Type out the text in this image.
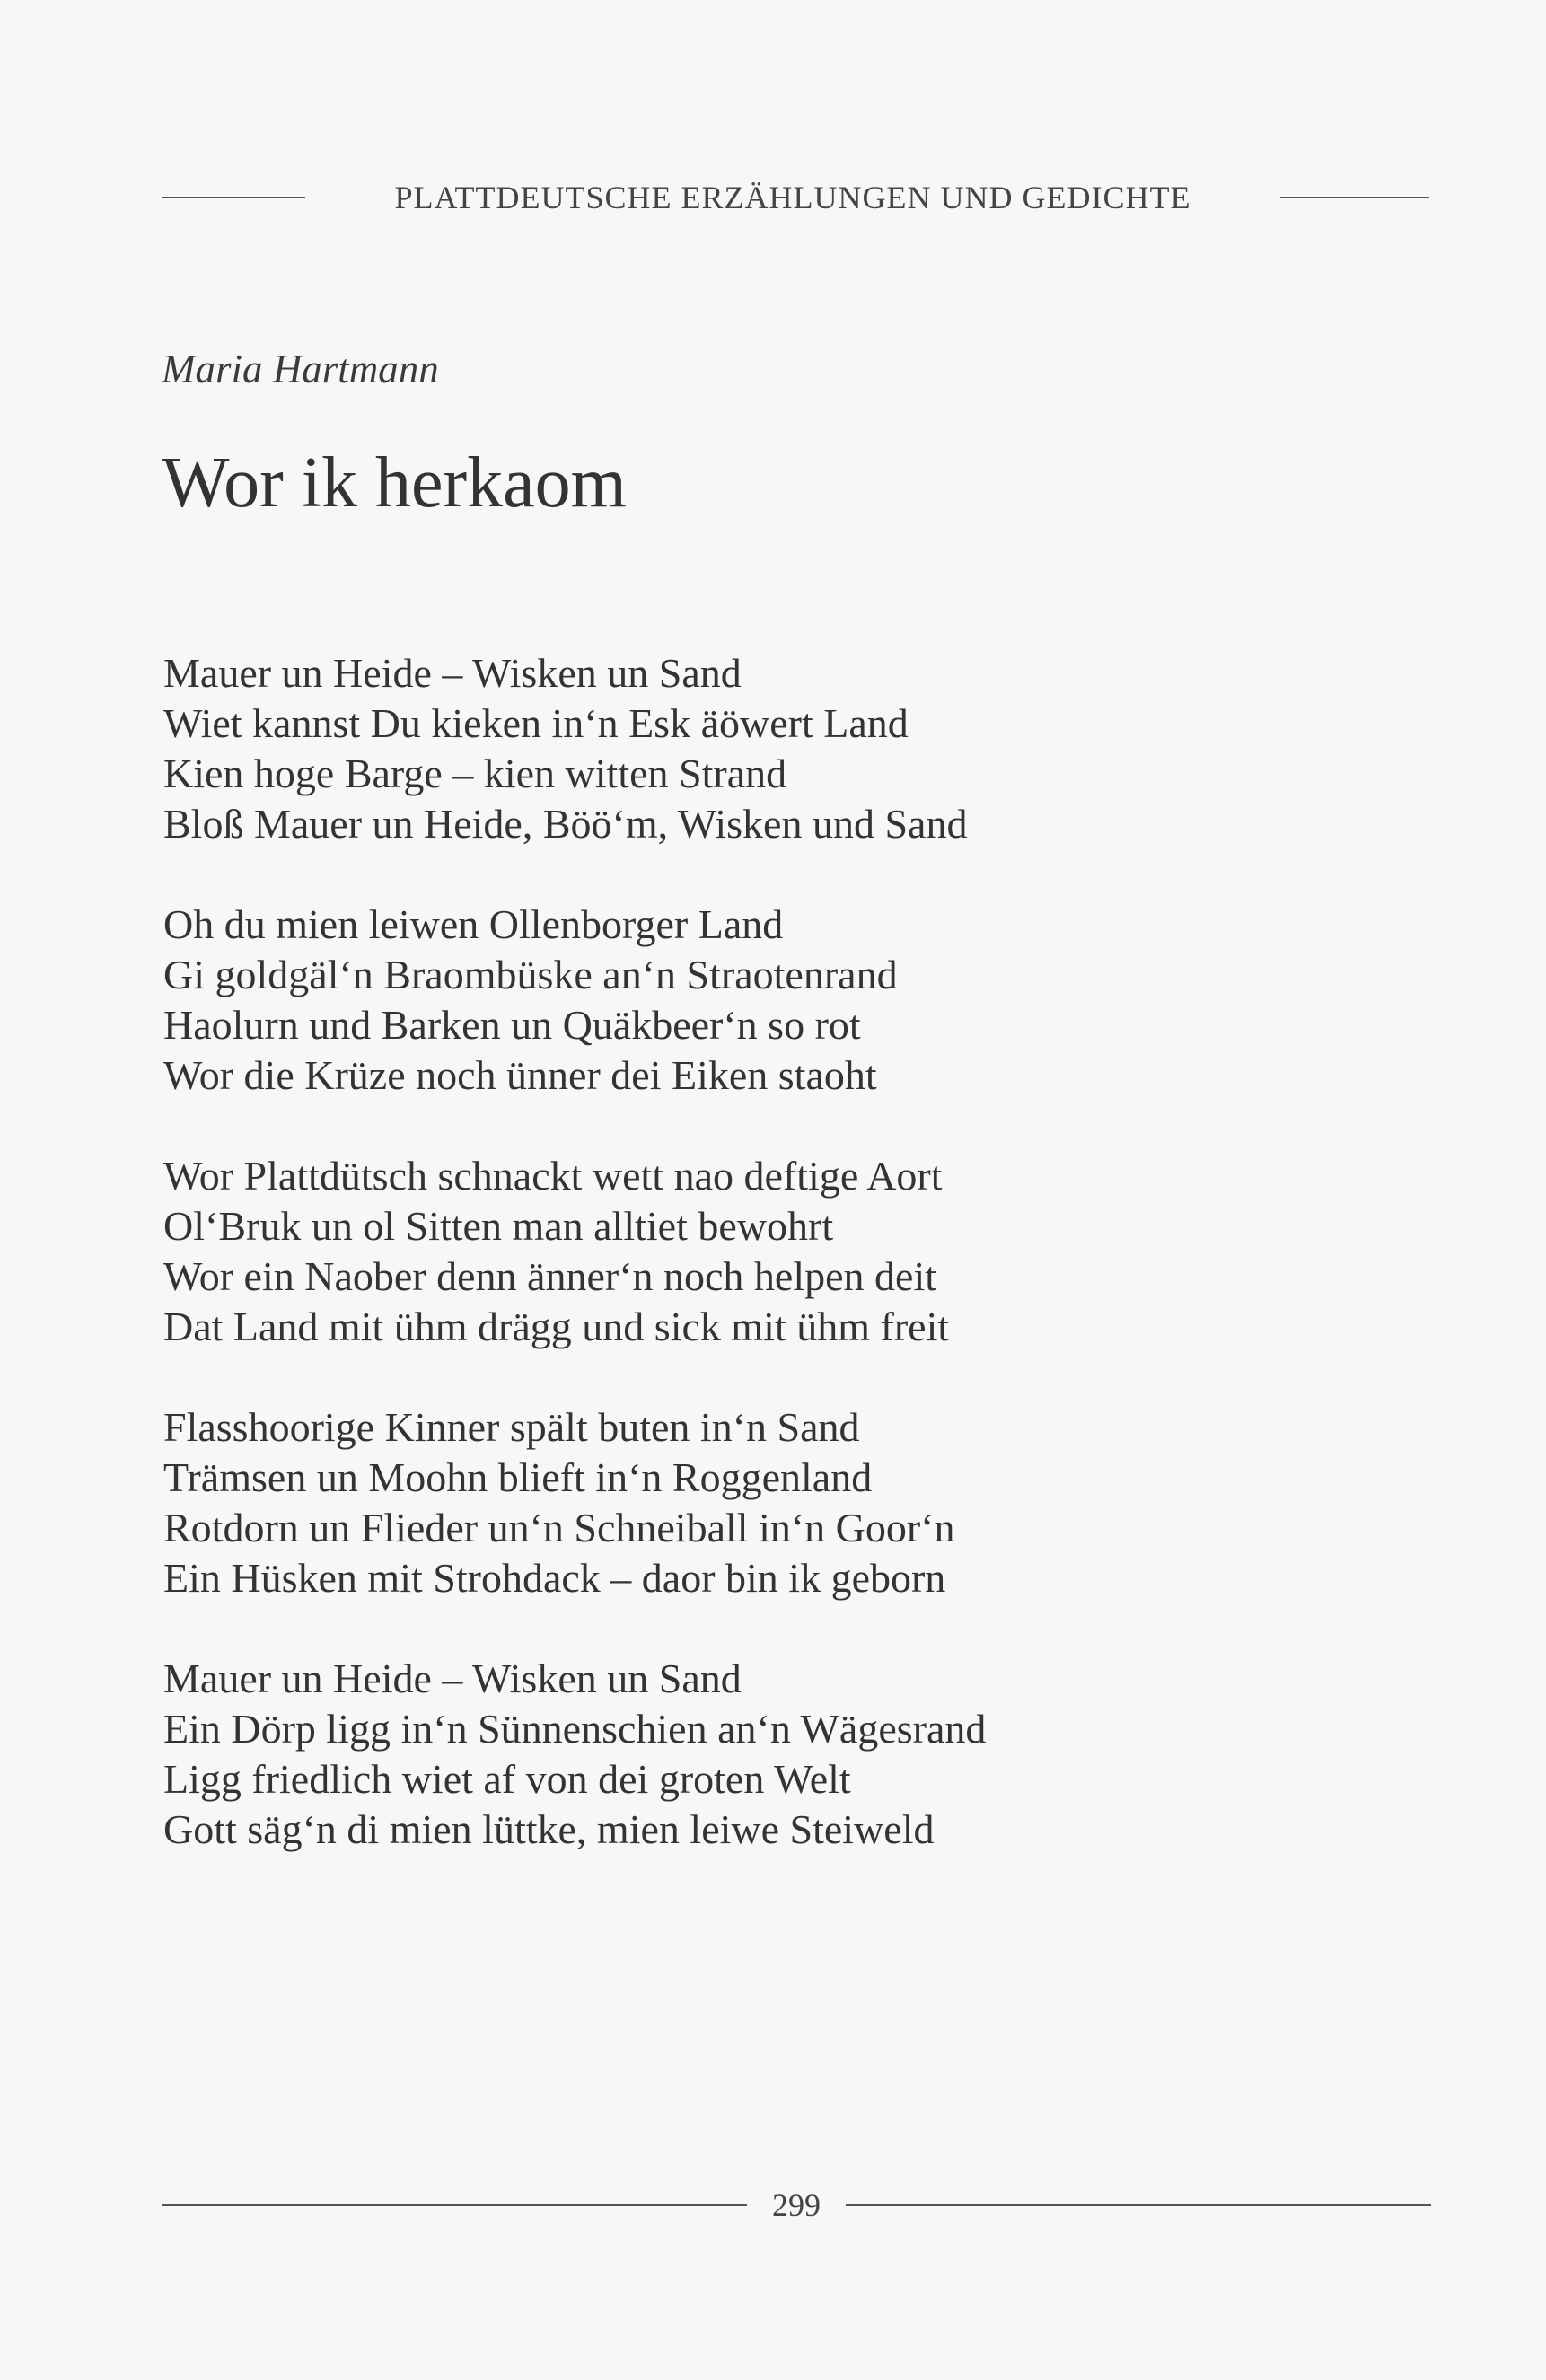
PLATTDEUTSCHE ERZÄHLUNGEN UND GEDICHTE
Maria Hartmann
Wor ik herkaom
Mauer un Heide – Wisken un Sand
Wiet kannst Du kieken in‘n Esk äöwert Land
Kien hoge Barge – kien witten Strand
Bloß Mauer un Heide, Böö‘m, Wisken und Sand
Oh du mien leiwen Ollenborger Land
Gi goldgäl‘n Braombüske an‘n Straotenrand
Haolurn und Barken un Quäkbeer‘n so rot
Wor die Krüze noch ünner dei Eiken staoht
Wor Plattdütsch schnackt wett nao deftige Aort
Ol‘Bruk un ol Sitten man alltiet bewohrt
Wor ein Naober denn änner‘n noch helpen deit
Dat Land mit ühm drägg und sick mit ühm freit
Flasshoorige Kinner spält buten in‘n Sand
Trämsen un Moohn blieft in‘n Roggenland
Rotdorn un Flieder un‘n Schneiball in‘n Goor‘n
Ein Hüsken mit Strohdack – daor bin ik geborn
Mauer un Heide – Wisken un Sand
Ein Dörp ligg in‘n Sünnenschien an‘n Wägesrand
Ligg friedlich wiet af von dei groten Welt
Gott säg‘n di mien lüttke, mien leiwe Steiweld
299
